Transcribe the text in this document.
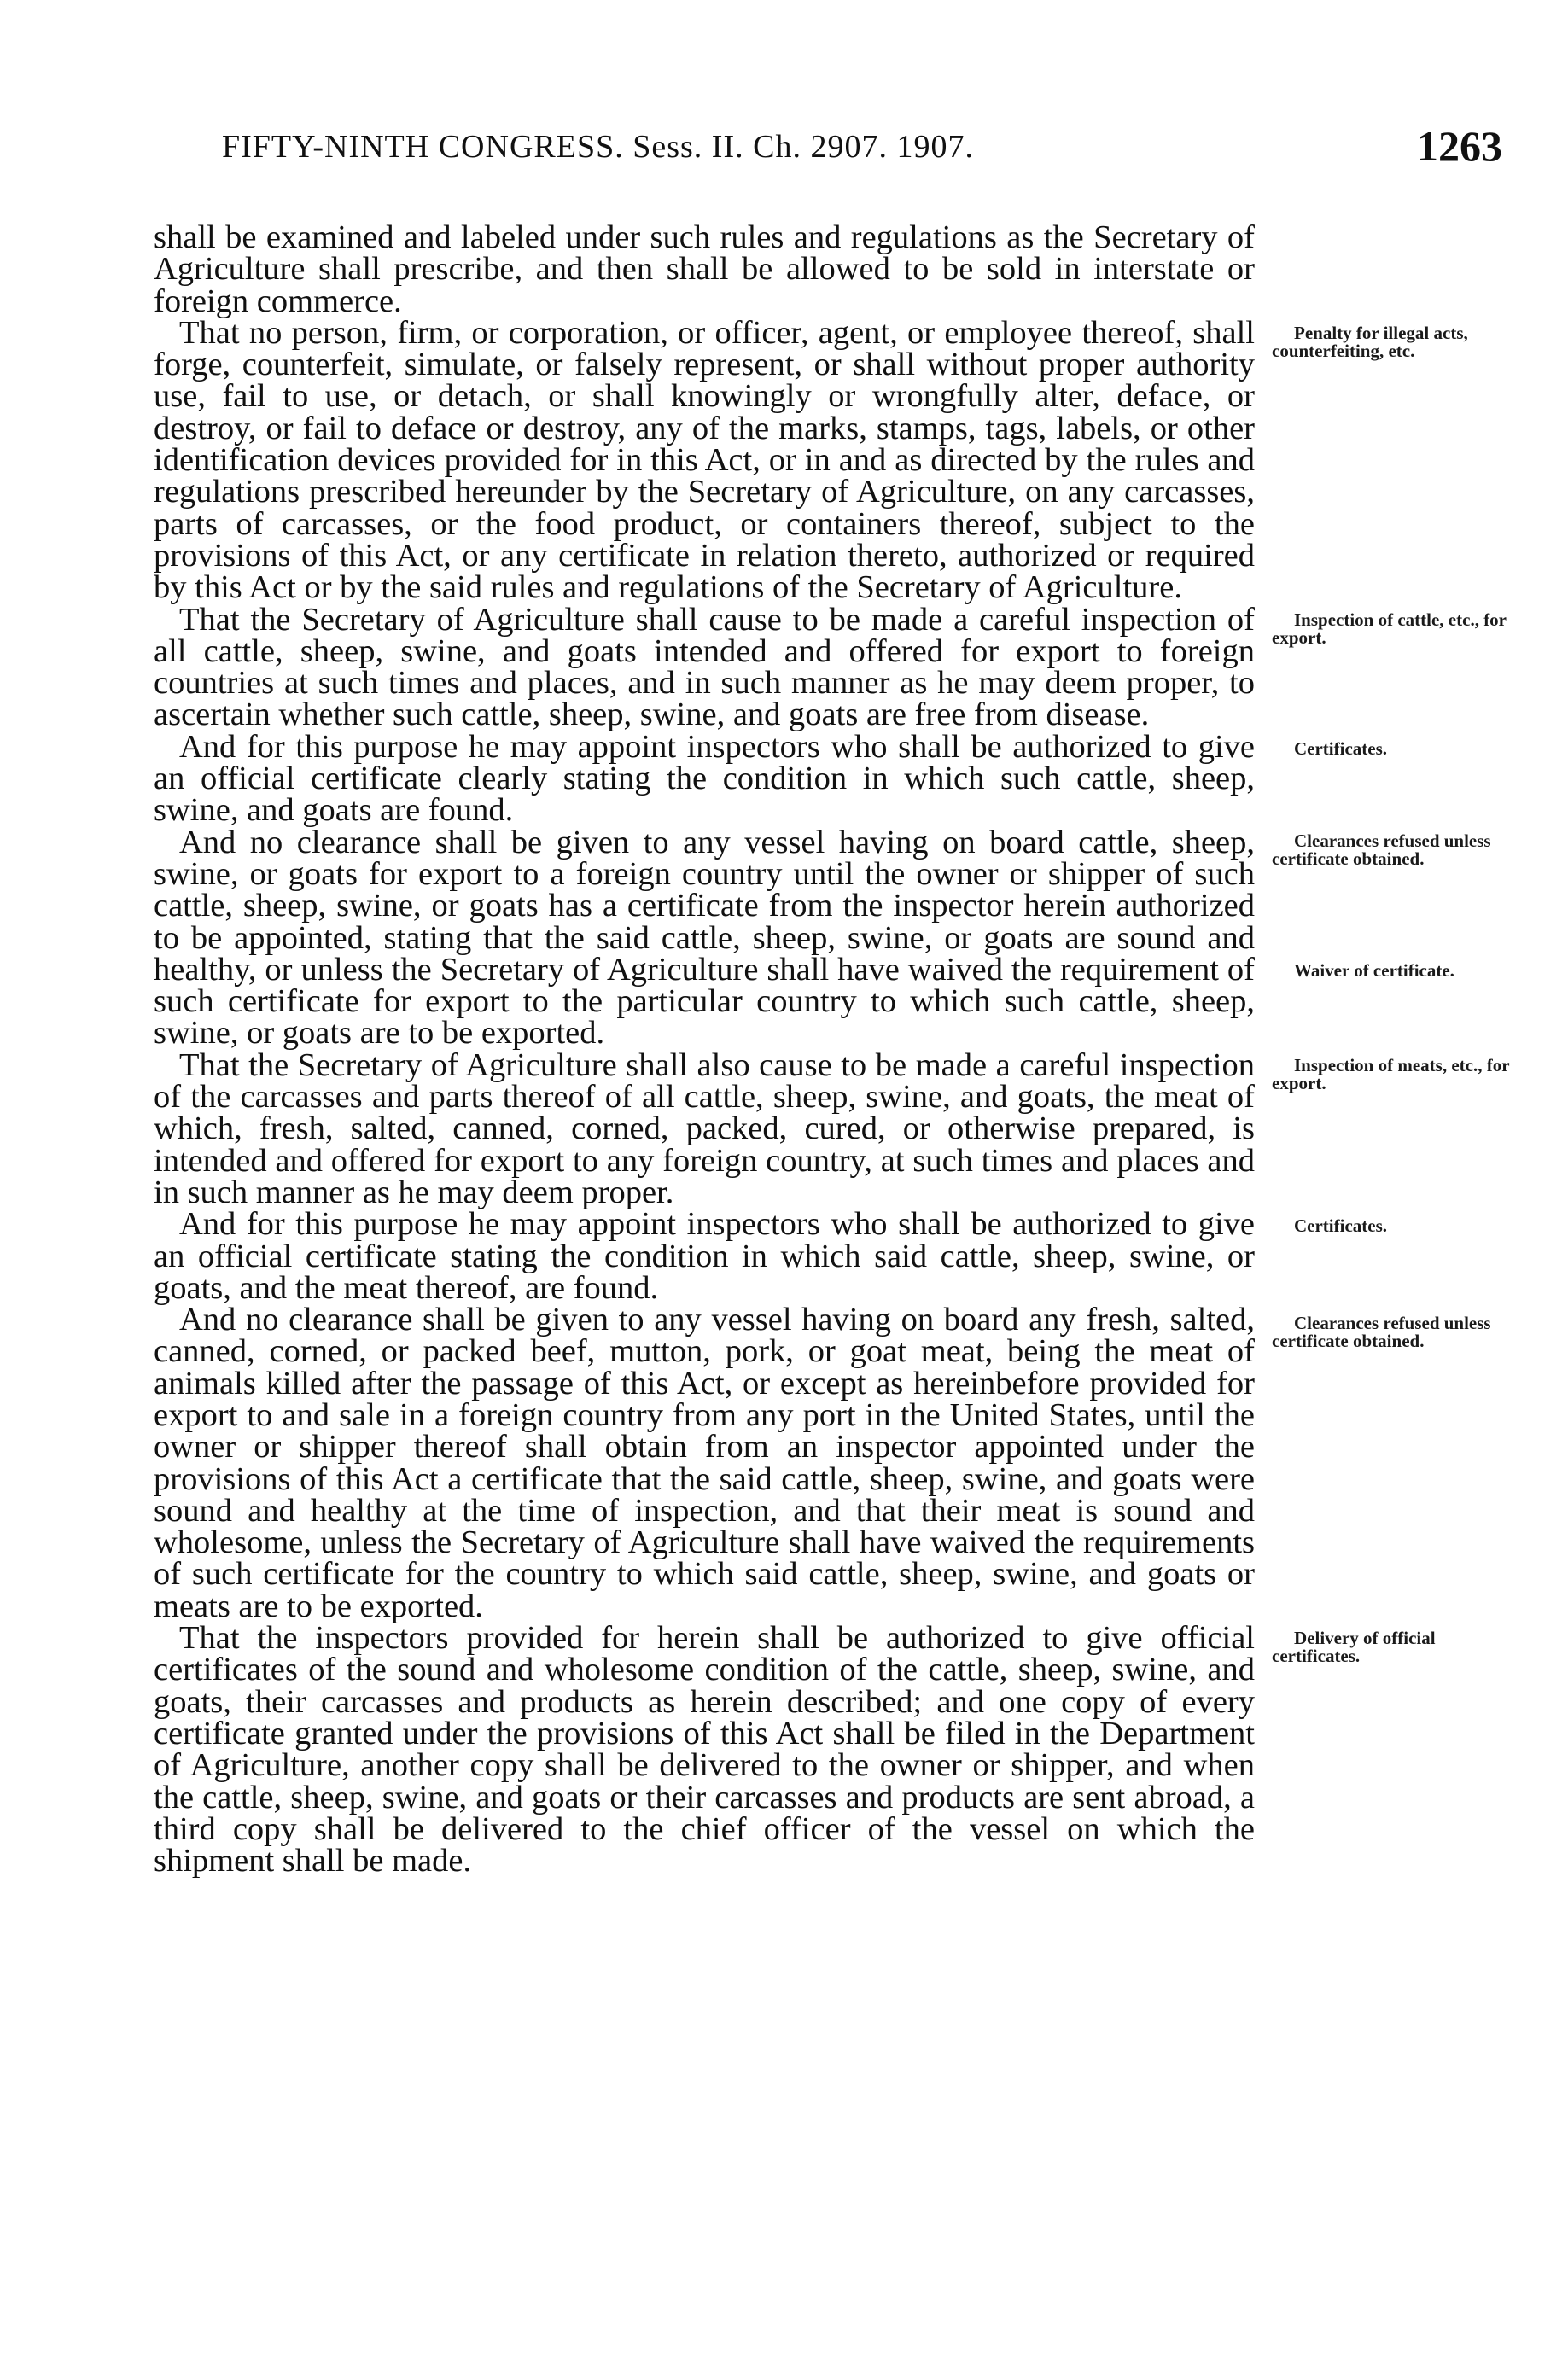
FIFTY-NINTH CONGRESS. Sess. II. Ch. 2907. 1907.	1263

shall be examined and labeled under such rules and regulations as the Secretary of Agriculture shall prescribe, and then shall be allowed to be sold in interstate or foreign commerce.

Penalty for illegal acts, counterfeiting, etc.
That no person, firm, or corporation, or officer, agent, or employee thereof, shall forge, counterfeit, simulate, or falsely represent, or shall without proper authority use, fail to use, or detach, or shall knowingly or wrongfully alter, deface, or destroy, or fail to deface or destroy, any of the marks, stamps, tags, labels, or other identification devices provided for in this Act, or in and as directed by the rules and regulations prescribed hereunder by the Secretary of Agriculture, on any carcasses, parts of carcasses, or the food product, or containers thereof, subject to the provisions of this Act, or any certificate in relation thereto, authorized or required by this Act or by the said rules and regulations of the Secretary of Agriculture.

Inspection of cattle, etc., for export.
That the Secretary of Agriculture shall cause to be made a careful inspection of all cattle, sheep, swine, and goats intended and offered for export to foreign countries at such times and places, and in such manner as he may deem proper, to ascertain whether such cattle, sheep, swine, and goats are free from disease.

Certificates.
And for this purpose he may appoint inspectors who shall be authorized to give an official certificate clearly stating the condition in which such cattle, sheep, swine, and goats are found.

Clearances refused unless certificate obtained.
Waiver of certificate.
And no clearance shall be given to any vessel having on board cattle, sheep, swine, or goats for export to a foreign country until the owner or shipper of such cattle, sheep, swine, or goats has a certificate from the inspector herein authorized to be appointed, stating that the said cattle, sheep, swine, or goats are sound and healthy, or unless the Secretary of Agriculture shall have waived the requirement of such certificate for export to the particular country to which such cattle, sheep, swine, or goats are to be exported.

Inspection of meats, etc., for export.
That the Secretary of Agriculture shall also cause to be made a careful inspection of the carcasses and parts thereof of all cattle, sheep, swine, and goats, the meat of which, fresh, salted, canned, corned, packed, cured, or otherwise prepared, is intended and offered for export to any foreign country, at such times and places and in such manner as he may deem proper.

Certificates.
And for this purpose he may appoint inspectors who shall be authorized to give an official certificate stating the condition in which said cattle, sheep, swine, or goats, and the meat thereof, are found.

Clearances refused unless certificate obtained.
And no clearance shall be given to any vessel having on board any fresh, salted, canned, corned, or packed beef, mutton, pork, or goat meat, being the meat of animals killed after the passage of this Act, or except as hereinbefore provided for export to and sale in a foreign country from any port in the United States, until the owner or shipper thereof shall obtain from an inspector appointed under the provisions of this Act a certificate that the said cattle, sheep, swine, and goats were sound and healthy at the time of inspection, and that their meat is sound and wholesome, unless the Secretary of Agriculture shall have waived the requirements of such certificate for the country to which said cattle, sheep, swine, and goats or meats are to be exported.

Delivery of official certificates.
That the inspectors provided for herein shall be authorized to give official certificates of the sound and wholesome condition of the cattle, sheep, swine, and goats, their carcasses and products as herein described; and one copy of every certificate granted under the provisions of this Act shall be filed in the Department of Agriculture, another copy shall be delivered to the owner or shipper, and when the cattle, sheep, swine, and goats or their carcasses and products are sent abroad, a third copy shall be delivered to the chief officer of the vessel on which the shipment shall be made.
